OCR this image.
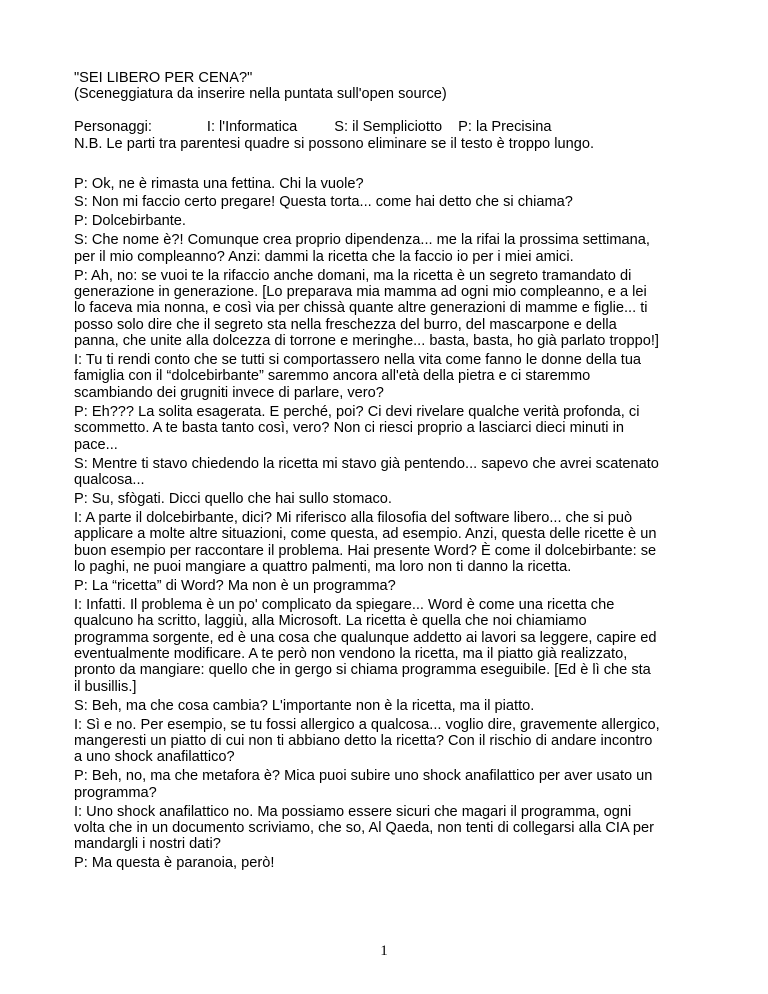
"SEI LIBERO PER CENA?"
(Sceneggiatura da inserire nella puntata sull'open source)
Personaggi:	I: l'Informatica	S: il Sempliciotto P: la Precisina
N.B. Le parti tra parentesi quadre si possono eliminare se il testo è troppo lungo.
P: Ok, ne è rimasta una fettina. Chi la vuole?
S: Non mi faccio certo pregare! Questa torta... come hai detto che si chiama?
P: Dolcebirbante.
S: Che nome è?! Comunque crea proprio dipendenza... me la rifai la prossima settimana,
per il mio compleanno? Anzi: dammi la ricetta che la faccio io per i miei amici.
P: Ah, no: se vuoi te la rifaccio anche domani, ma la ricetta è un segreto tramandato di
generazione in generazione. [Lo preparava mia mamma ad ogni mio compleanno, e a lei
lo faceva mia nonna, e così via per chissà quante altre generazioni di mamme e figlie... ti
posso solo dire che il segreto sta nella freschezza del burro, del mascarpone e della
panna, che unite alla dolcezza di torrone e meringhe... basta, basta, ho già parlato troppo!]
I: Tu ti rendi conto che se tutti si comportassero nella vita come fanno le donne della tua
famiglia con il “dolcebirbante” saremmo ancora all'età della pietra e ci staremmo
scambiando dei grugniti invece di parlare, vero?
P: Eh??? La solita esagerata. E perché, poi? Ci devi rivelare qualche verità profonda, ci
scommetto. A te basta tanto così, vero? Non ci riesci proprio a lasciarci dieci minuti in
pace...
S: Mentre ti stavo chiedendo la ricetta mi stavo già pentendo... sapevo che avrei scatenato
qualcosa...
P: Su, sfògati. Dicci quello che hai sullo stomaco.
I: A parte il dolcebirbante, dici? Mi riferisco alla filosofia del software libero... che si può
applicare a molte altre situazioni, come questa, ad esempio. Anzi, questa delle ricette è un
buon esempio per raccontare il problema. Hai presente Word? È come il dolcebirbante: se
lo paghi, ne puoi mangiare a quattro palmenti, ma loro non ti danno la ricetta.
P: La “ricetta” di Word? Ma non è un programma?
I: Infatti. Il problema è un po' complicato da spiegare... Word è come una ricetta che
qualcuno ha scritto, laggiù, alla Microsoft. La ricetta è quella che noi chiamiamo
programma sorgente, ed è una cosa che qualunque addetto ai lavori sa leggere, capire ed
eventualmente modificare. A te però non vendono la ricetta, ma il piatto già realizzato,
pronto da mangiare: quello che in gergo si chiama programma eseguibile. [Ed è lì che sta
il busillis.]
S: Beh, ma che cosa cambia? L'importante non è la ricetta, ma il piatto.
I: Sì e no. Per esempio, se tu fossi allergico a qualcosa... voglio dire, gravemente allergico,
mangeresti un piatto di cui non ti abbiano detto la ricetta? Con il rischio di andare incontro
a uno shock anafilattico?
P: Beh, no, ma che metafora è? Mica puoi subire uno shock anafilattico per aver usato un
programma?
I: Uno shock anafilattico no. Ma possiamo essere sicuri che magari il programma, ogni
volta che in un documento scriviamo, che so, Al Qaeda, non tenti di collegarsi alla CIA per
mandargli i nostri dati?
P: Ma questa è paranoia, però!
1
